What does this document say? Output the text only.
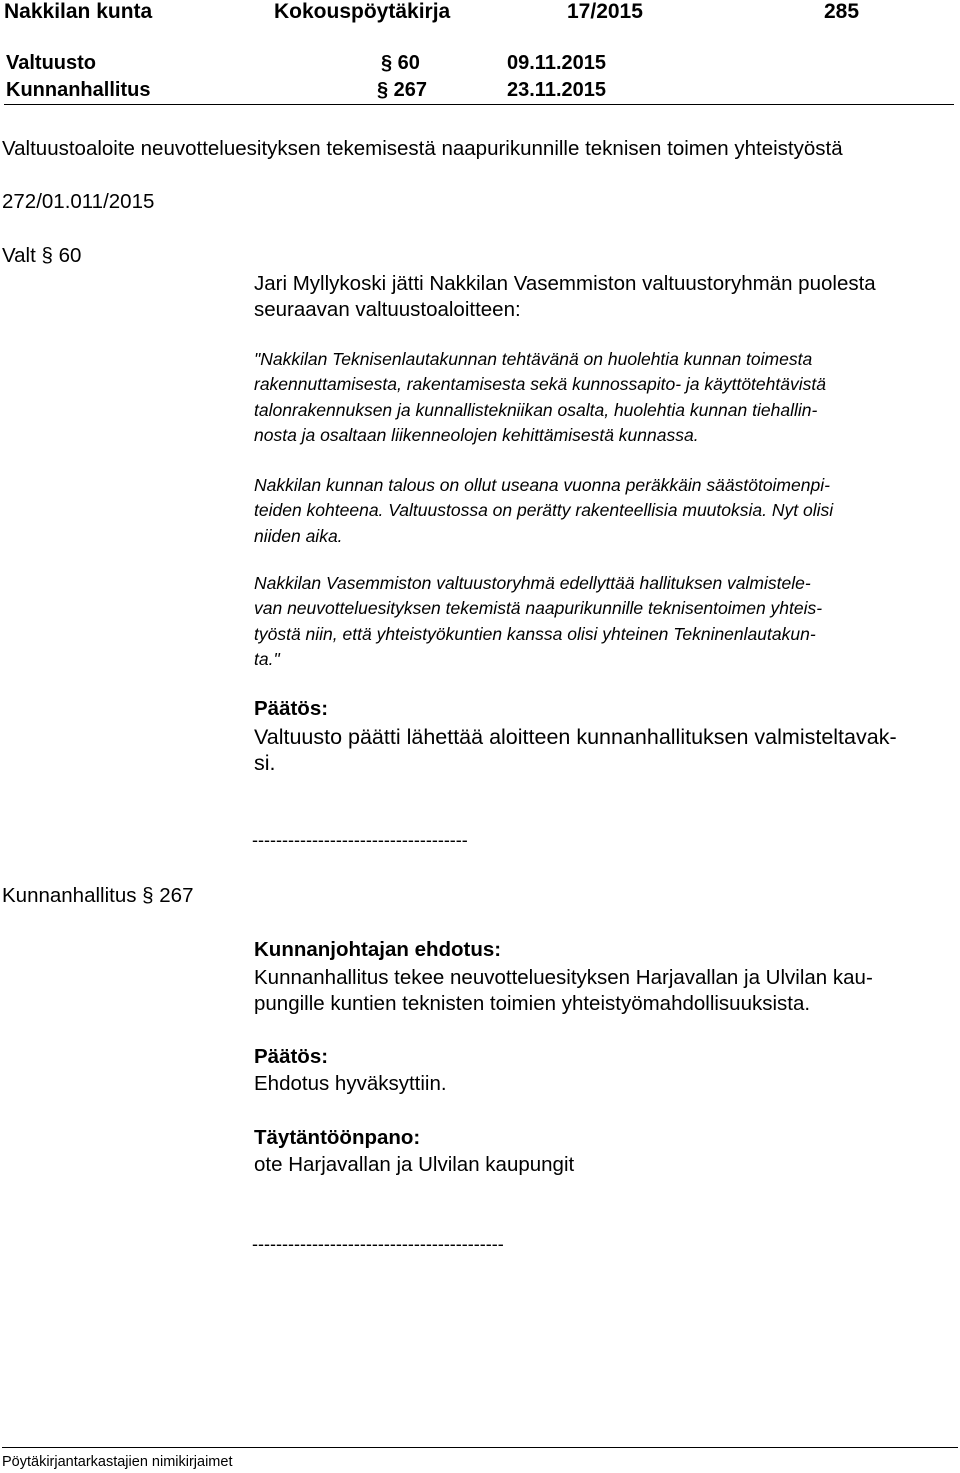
Nakkilan kunta	Kokouspöytäkirja	17/2015	285
Valtuusto	§ 60	09.11.2015
Kunnanhallitus	§ 267	23.11.2015
Valtuustoaloite neuvotteluesityksen tekemisestä naapurikunnille teknisen toimen yhteistyöstä
272/01.011/2015
Valt § 60
Jari Myllykoski jätti Nakkilan Vasemmiston valtuustoryhmän puolesta
seuraavan valtuustoaloitteen:
"Nakkilan Teknisenlautakunnan tehtävänä on huolehtia kunnan toimesta
rakennuttamisesta, rakentamisesta sekä kunnossapito- ja käyttötehtävistä
talonrakennuksen ja kunnallistekniikan osalta, huolehtia kunnan tiehallin-
nosta ja osaltaan liikenneolojen kehittämisestä kunnassa.
Nakkilan kunnan talous on ollut useana vuonna peräkkäin säästötoimenpi-
teiden kohteena. Valtuustossa on perätty rakenteellisia muutoksia. Nyt olisi
niiden aika.
Nakkilan Vasemmiston valtuustoryhmä edellyttää hallituksen valmistele-
van neuvotteluesityksen tekemistä naapurikunnille teknisentoimen yhteis-
työstä niin, että yhteistyökuntien kanssa olisi yhteinen Tekninenlautakun-
ta."
Päätös:
Valtuusto päätti lähettää aloitteen kunnanhallituksen valmisteltavak-
si.
------------------------------------
Kunnanhallitus § 267
Kunnanjohtajan ehdotus:
Kunnanhallitus tekee neuvotteluesityksen Harjavallan ja Ulvilan kau-
pungille kuntien teknisten toimien yhteistyömahdollisuuksista.
Päätös:
Ehdotus hyväksyttiin.
Täytäntöönpano:
ote Harjavallan ja Ulvilan kaupungit
------------------------------------------
Pöytäkirjantarkastajien nimikirjaimet
